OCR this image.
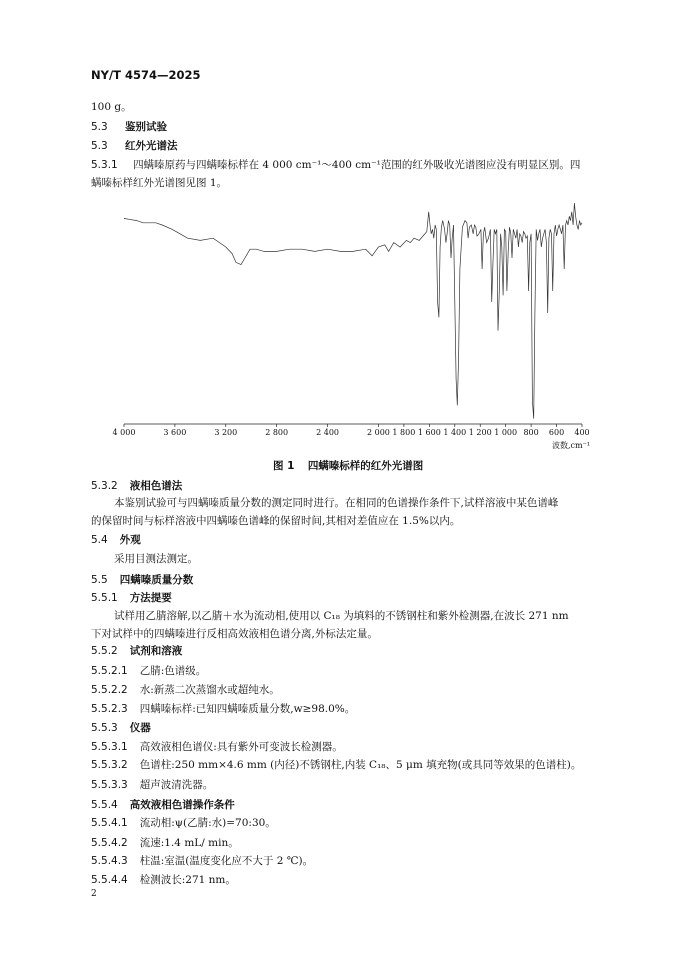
NY/T 4574—2025
100 g。
5.3 鉴别试验
5.3 红外光谱法
5.3.1 四螨嗪原药与四螨嗪标样在 4 000 cm⁻¹～400 cm⁻¹范围的红外吸收光谱图应没有明显区别。四
螨嗪标样红外光谱图见图 1。
4 000	3 600	3 200	2 800	2 400	2 000 1 800 1 600 1 400 1 200 1 000 800 600 400
波数,cm⁻¹
图 1 四螨嗪标样的红外光谱图
5.3.2 液相色谱法
本鉴别试验可与四螨嗪质量分数的测定同时进行。在相同的色谱操作条件下,试样溶液中某色谱峰
的保留时间与标样溶液中四螨嗪色谱峰的保留时间,其相对差值应在 1.5%以内。
5.4 外观
采用目测法测定。
5.5 四螨嗪质量分数
5.5.1 方法提要
试样用乙腈溶解,以乙腈＋水为流动相,使用以 C₁₈ 为填料的不锈钢柱和紫外检测器,在波长 271 nm
下对试样中的四螨嗪进行反相高效液相色谱分离,外标法定量。
5.5.2 试剂和溶液
5.5.2.1 乙腈:色谱级。
5.5.2.2 水:新蒸二次蒸馏水或超纯水。
5.5.2.3 四螨嗪标样:已知四螨嗪质量分数,w≥98.0%。
5.5.3 仪器
5.5.3.1 高效液相色谱仪:具有紫外可变波长检测器。
5.5.3.2 色谱柱:250 mm×4.6 mm (内径)不锈钢柱,内装 C₁₈、5 μm 填充物(或具同等效果的色谱柱)。
5.5.3.3 超声波清洗器。
5.5.4 高效液相色谱操作条件
5.5.4.1 流动相:ψ(乙腈:水)=70:30。
5.5.4.2 流速:1.4 mL/ min。
5.5.4.3 柱温:室温(温度变化应不大于 2 ℃)。
5.5.4.4 检测波长:271 nm。
2
